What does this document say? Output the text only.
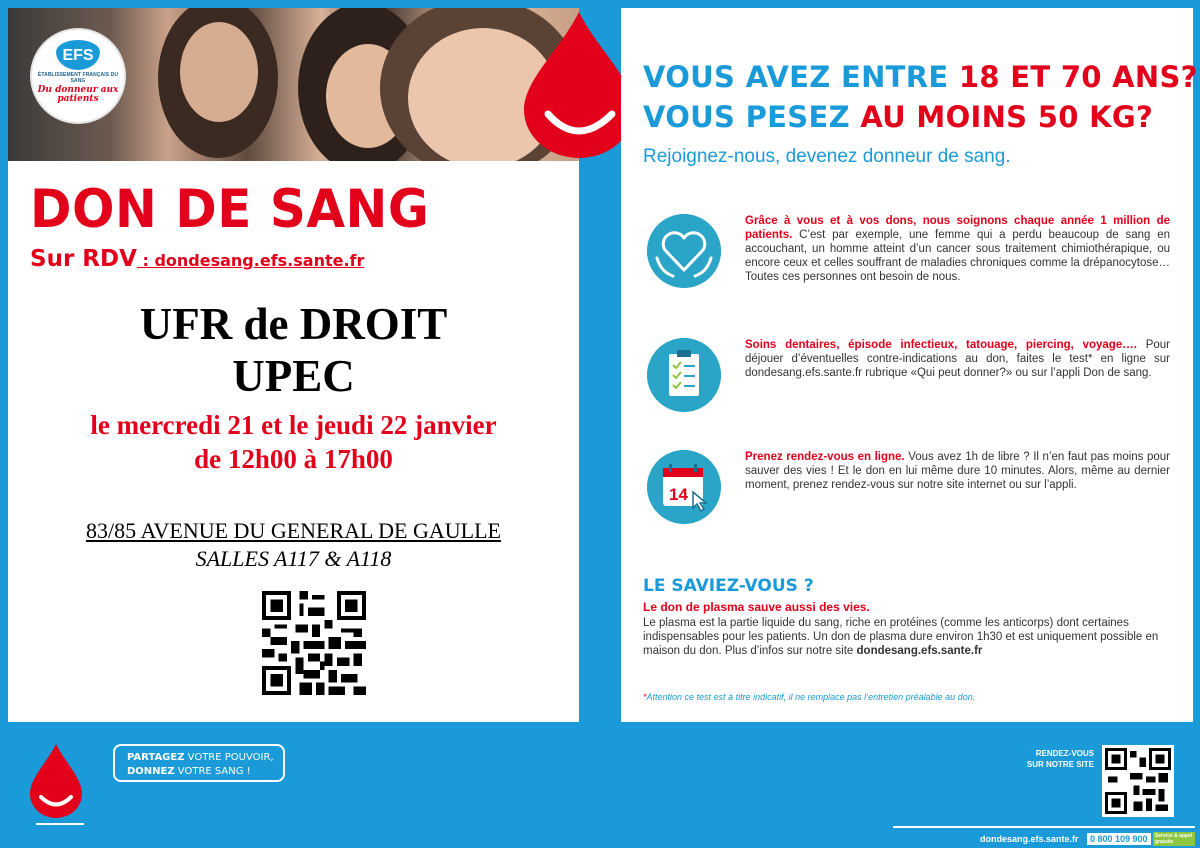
EFS
ÉTABLISSEMENT FRANÇAIS DU SANG
Du donneur aux patients
DON DE SANG
Sur RDV : dondesang.efs.sante.fr
UFR de DROIT
UPEC
le mercredi 21 et le jeudi 22 janvier
de 12h00 à 17h00
83/85 AVENUE DU GENERAL DE GAULLE
SALLES A117 & A118
VOUS AVEZ ENTRE 18 ET 70 ANS?
VOUS PESEZ AU MOINS 50 KG?
Rejoignez-nous, devenez donneur de sang.
Grâce à vous et à vos dons, nous soignons chaque année 1 million de patients. C’est par exemple, une femme qui a perdu beaucoup de sang en accouchant, un homme atteint d’un cancer sous traitement chimiothérapique, ou encore ceux et celles souffrant de maladies chroniques comme la drépanocytose… Toutes ces personnes ont besoin de nous.
Soins dentaires, épisode infectieux, tatouage, piercing, voyage…. Pour déjouer d’éventuelles contre-indications au don, faites le test* en ligne sur dondesang.efs.sante.fr rubrique «Qui peut donner?» ou sur l’appli Don de sang.
14
Prenez rendez-vous en ligne. Vous avez 1h de libre ? Il n’en faut pas moins pour sauver des vies ! Et le don en lui même dure 10 minutes. Alors, même au dernier moment, prenez rendez-vous sur notre site internet ou sur l’appli.
LE SAVIEZ-VOUS ?
Le don de plasma sauve aussi des vies.
Le plasma est la partie liquide du sang, riche en protéines (comme les anticorps) dont certaines indispensables pour les patients. Un don de plasma dure environ 1h30 et est uniquement possible en maison du don. Plus d’infos sur notre site dondesang.efs.sante.fr
*Attention ce test est à titre indicatif, il ne remplace pas l’entretien préalable au don.
PARTAGEZ VOTRE POUVOIR,
DONNEZ VOTRE SANG !
RENDEZ-VOUS
SUR NOTRE SITE
dondesang.efs.sante.fr	0 800 109 900	Service & appel gratuits
